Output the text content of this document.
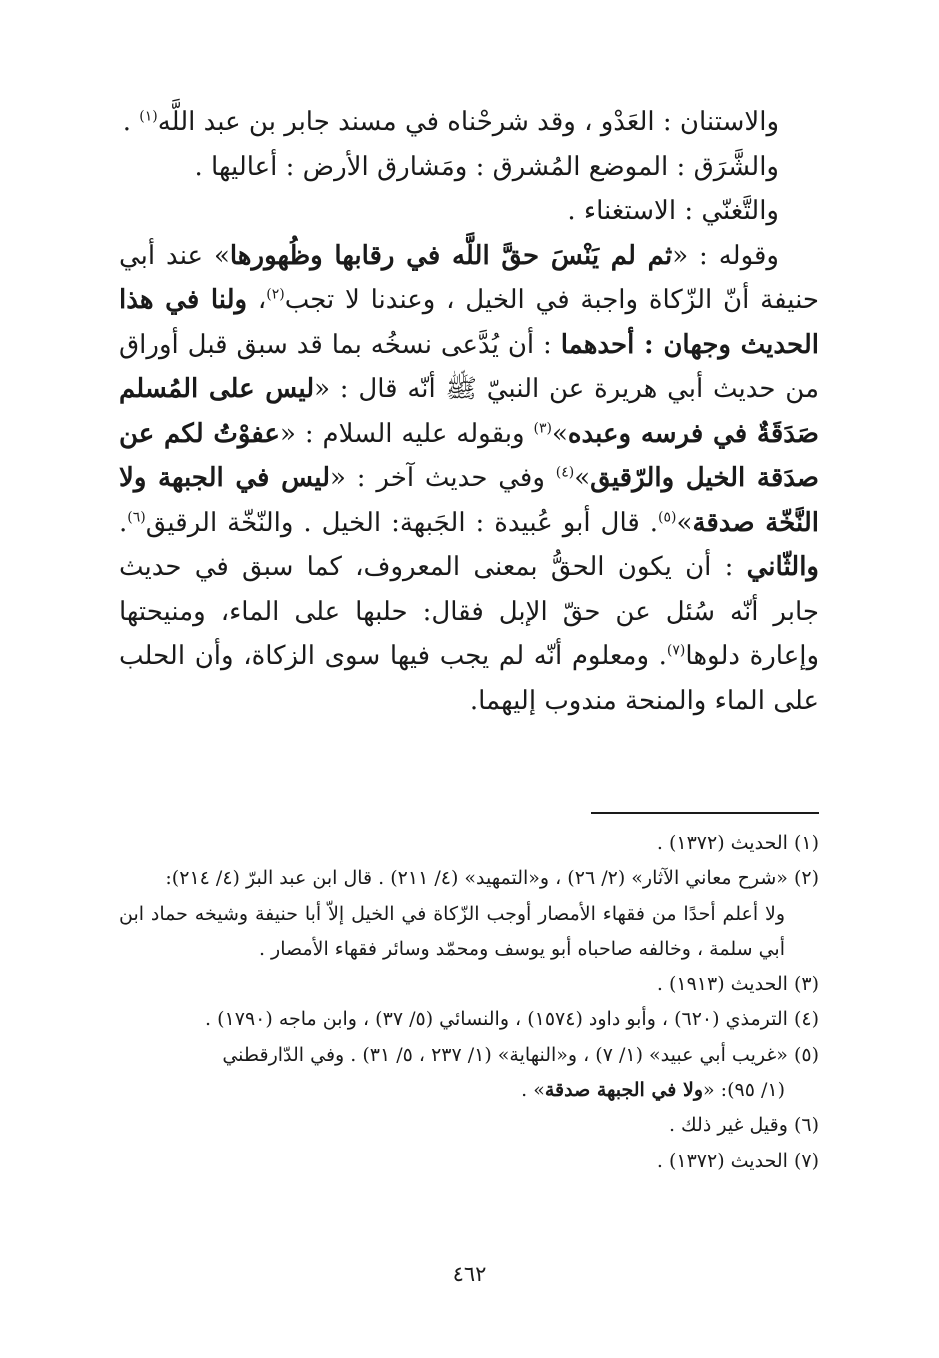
والاستنان : العَدْو ، وقد شرحْناه في مسند جابر بن عبد اللَّه$^{(١)}$ .

والشَّرَق : الموضع المُشرق : ومَشارق الأرض : أعاليها .

والتَّغنّي : الاستغناء .

وقوله : «ثم لم يَنْسَ حقَّ اللَّه في رقابها وظُهورها» عند أبي حنيفة أنّ الزّكاة واجبة في الخيل ، وعندنا لا تجب$^{(٢)}$، ولنا في هذا الحديث وجهان : أحدهما : أن يُدَّعى نسخُه بما قد سبق قبل أوراق من حديث أبي هريرة عن النبيّ ﷺ أنّه قال : «ليس على المُسلم صَدَقَةٌ في فرسه وعبده»$^{(٣)}$ وبقوله عليه السلام : «عفوْتُ لكم عن صدَقة الخيل والرّقيق»$^{(٤)}$ وفي حديث آخر : «ليس في الجبهة ولا النَّخّة صدقة»$^{(٥)}$. قال أبو عُبيدة : الجَبهة: الخيل . والنّخّة الرقيق$^{(٦)}$. والثّاني : أن يكون الحقُّ بمعنى المعروف، كما سبق في حديث جابر أنّه سُئل عن حقّ الإبل فقال: حلبها على الماء، ومنيحتها وإعارة دلوها$^{(٧)}$. ومعلوم أنّه لم يجب فيها سوى الزكاة، وأن الحلب على الماء والمنحة مندوب إليهما.

(١) الحديث (١٣٧٢) .

(٢) «شرح معاني الآثار» (٢/ ٢٦) ، و«التمهيد» (٤/ ٢١١) . قال ابن عبد البرّ (٤/ ٢١٤):

ولا أعلم أحدًا من فقهاء الأمصار أوجب الزّكاة في الخيل إلاّ أبا حنيفة وشيخه حماد ابن أبي سلمة ، وخالفه صاحباه أبو يوسف ومحمّد وسائر فقهاء الأمصار .

(٣) الحديث (١٩١٣) .

(٤) الترمذي (٦٢٠) ، وأبو داود (١٥٧٤) ، والنسائي (٥/ ٣٧) ، وابن ماجه (١٧٩٠) .

(٥) «غريب أبي عبيد» (١/ ٧) ، و«النهاية» (١/ ٢٣٧ ، ٥/ ٣١) . وفي الدّارقطني

(١/ ٩٥): «ولا في الجبهة صدقة» .

(٦) وقيل غير ذلك .

(٧) الحديث (١٣٧٢) .

٤٦٢
